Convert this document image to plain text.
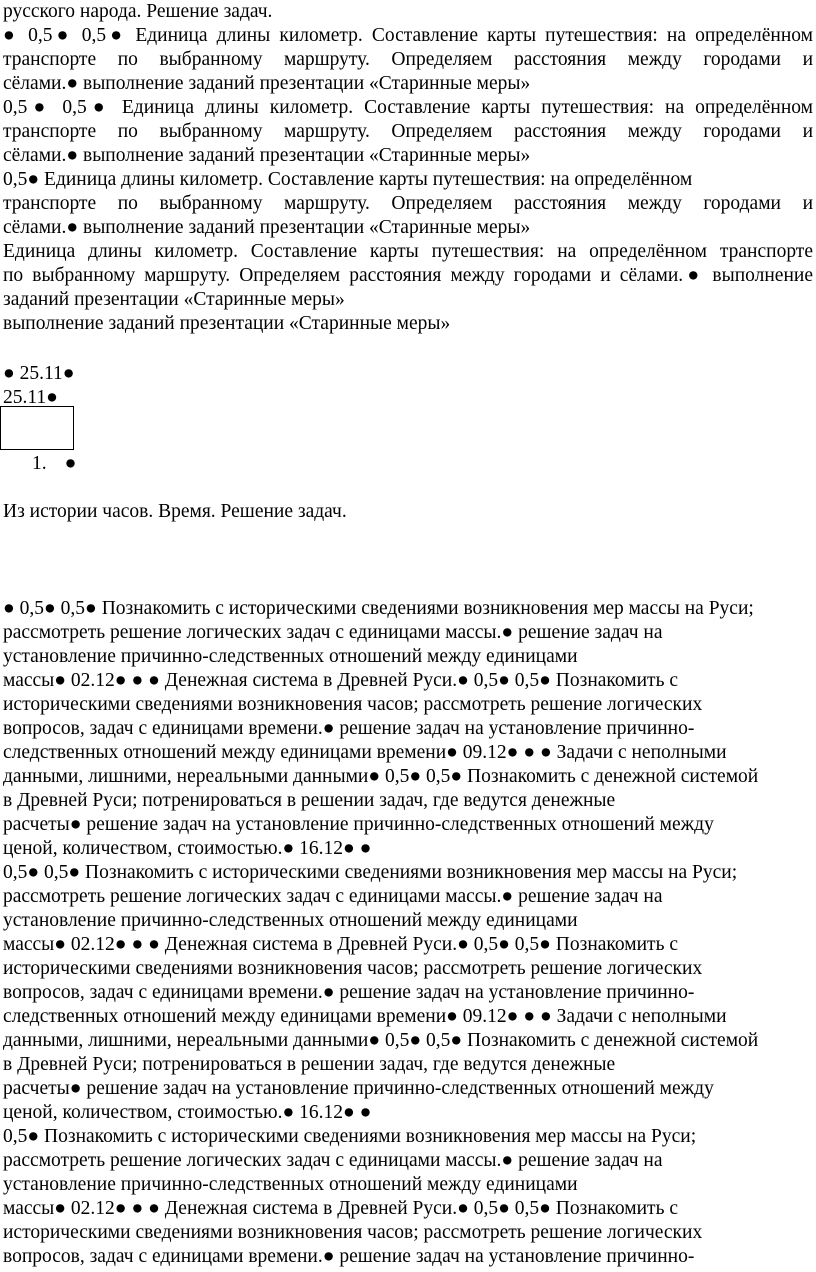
русского народа. Решение задач.
● 0,5● 0,5● Единица длины километр. Составление карты путешествия: на определённом
транспорте по выбранному маршруту. Определяем расстояния между городами и
сёлами.● выполнение заданий презентации «Старинные меры»
0,5● 0,5● Единица длины километр. Составление карты путешествия: на определённом
транспорте по выбранному маршруту. Определяем расстояния между городами и
сёлами.● выполнение заданий презентации «Старинные меры»
0,5● Единица длины километр. Составление карты путешествия: на определённом
транспорте по выбранному маршруту. Определяем расстояния между городами и
сёлами.● выполнение заданий презентации «Старинные меры»
Единица длины километр. Составление карты путешествия: на определённом транспорте
по выбранному маршруту. Определяем расстояния между городами и сёлами.● выполнение
заданий презентации «Старинные меры»
выполнение заданий презентации «Старинные меры»
● 25.11●
25.11●
1. ●
Из истории часов. Время. Решение задач.
● 0,5● 0,5● Познакомить с историческими сведениями возникновения мер массы на Руси;
рассмотреть решение логических задач с единицами массы.● решение задач на
установление причинно-следственных отношений между единицами
массы● 02.12● ● ● Денежная система в Древней Руси.● 0,5● 0,5● Познакомить с
историческими сведениями возникновения часов; рассмотреть решение логических
вопросов, задач с единицами времени.● решение задач на установление причинно-
следственных отношений между единицами времени● 09.12● ● ● Задачи с неполными
данными, лишними, нереальными данными● 0,5● 0,5● Познакомить с денежной системой
в Древней Руси; потренироваться в решении задач, где ведутся денежные
расчеты● решение задач на установление причинно-следственных отношений между
ценой, количеством, стоимостью.● 16.12● ●
0,5● 0,5● Познакомить с историческими сведениями возникновения мер массы на Руси;
рассмотреть решение логических задач с единицами массы.● решение задач на
установление причинно-следственных отношений между единицами
массы● 02.12● ● ● Денежная система в Древней Руси.● 0,5● 0,5● Познакомить с
историческими сведениями возникновения часов; рассмотреть решение логических
вопросов, задач с единицами времени.● решение задач на установление причинно-
следственных отношений между единицами времени● 09.12● ● ● Задачи с неполными
данными, лишними, нереальными данными● 0,5● 0,5● Познакомить с денежной системой
в Древней Руси; потренироваться в решении задач, где ведутся денежные
расчеты● решение задач на установление причинно-следственных отношений между
ценой, количеством, стоимостью.● 16.12● ●
0,5● Познакомить с историческими сведениями возникновения мер массы на Руси;
рассмотреть решение логических задач с единицами массы.● решение задач на
установление причинно-следственных отношений между единицами
массы● 02.12● ● ● Денежная система в Древней Руси.● 0,5● 0,5● Познакомить с
историческими сведениями возникновения часов; рассмотреть решение логических
вопросов, задач с единицами времени.● решение задач на установление причинно-
